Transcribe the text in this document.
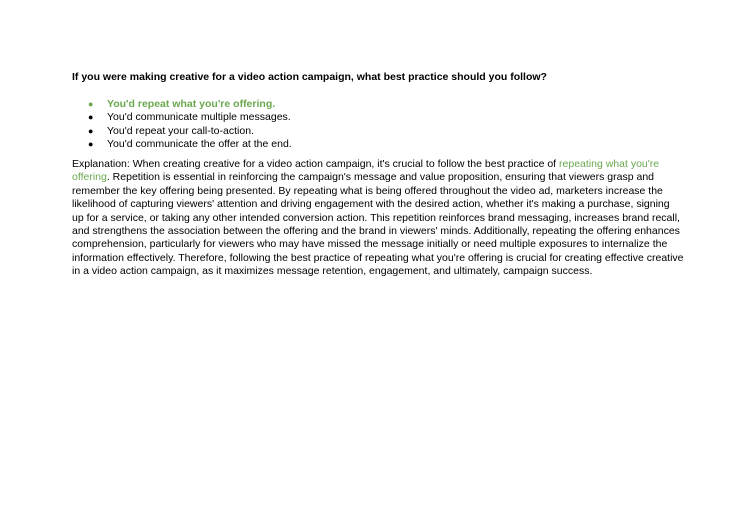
If you were making creative for a video action campaign, what best practice should you follow?
● You'd repeat what you're offering.
● You'd communicate multiple messages.
● You'd repeat your call-to-action.
● You'd communicate the offer at the end.

Explanation: When creating creative for a video action campaign, it's crucial to follow the best practice of repeating what you're offering. Repetition is essential in reinforcing the campaign's message and value proposition, ensuring that viewers grasp and remember the key offering being presented. By repeating what is being offered throughout the video ad, marketers increase the likelihood of capturing viewers' attention and driving engagement with the desired action, whether it's making a purchase, signing up for a service, or taking any other intended conversion action. This repetition reinforces brand messaging, increases brand recall, and strengthens the association between the offering and the brand in viewers' minds. Additionally, repeating the offering enhances comprehension, particularly for viewers who may have missed the message initially or need multiple exposures to internalize the information effectively. Therefore, following the best practice of repeating what you're offering is crucial for creating effective creative in a video action campaign, as it maximizes message retention, engagement, and ultimately, campaign success.
